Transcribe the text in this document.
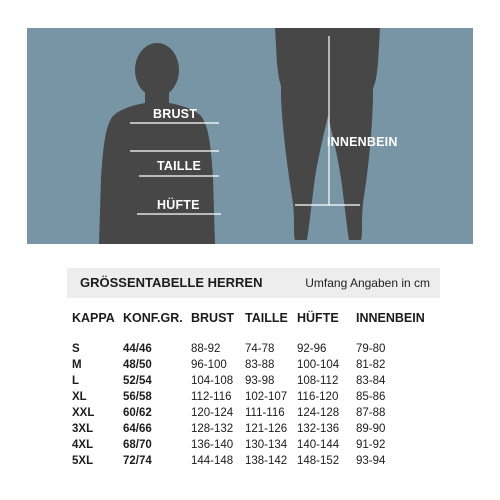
BRUST
TAILLE
HÜFTE
INNENBEIN
GRÖSSENTABELLE HERREN	Umfang Angaben in cm
KAPPA	KONF.GR.	BRUST	TAILLE	HÜFTE	INNENBEIN
S	44/46	88-92	74-78	92-96	79-80
M	48/50	96-100	83-88	100-104	81-82
L	52/54	104-108	93-98	108-112	83-84
XL	56/58	112-116	102-107	116-120	85-86
XXL	60/62	120-124	111-116	124-128	87-88
3XL	64/66	128-132	121-126	132-136	89-90
4XL	68/70	136-140	130-134	140-144	91-92
5XL	72/74	144-148	138-142	148-152	93-94
